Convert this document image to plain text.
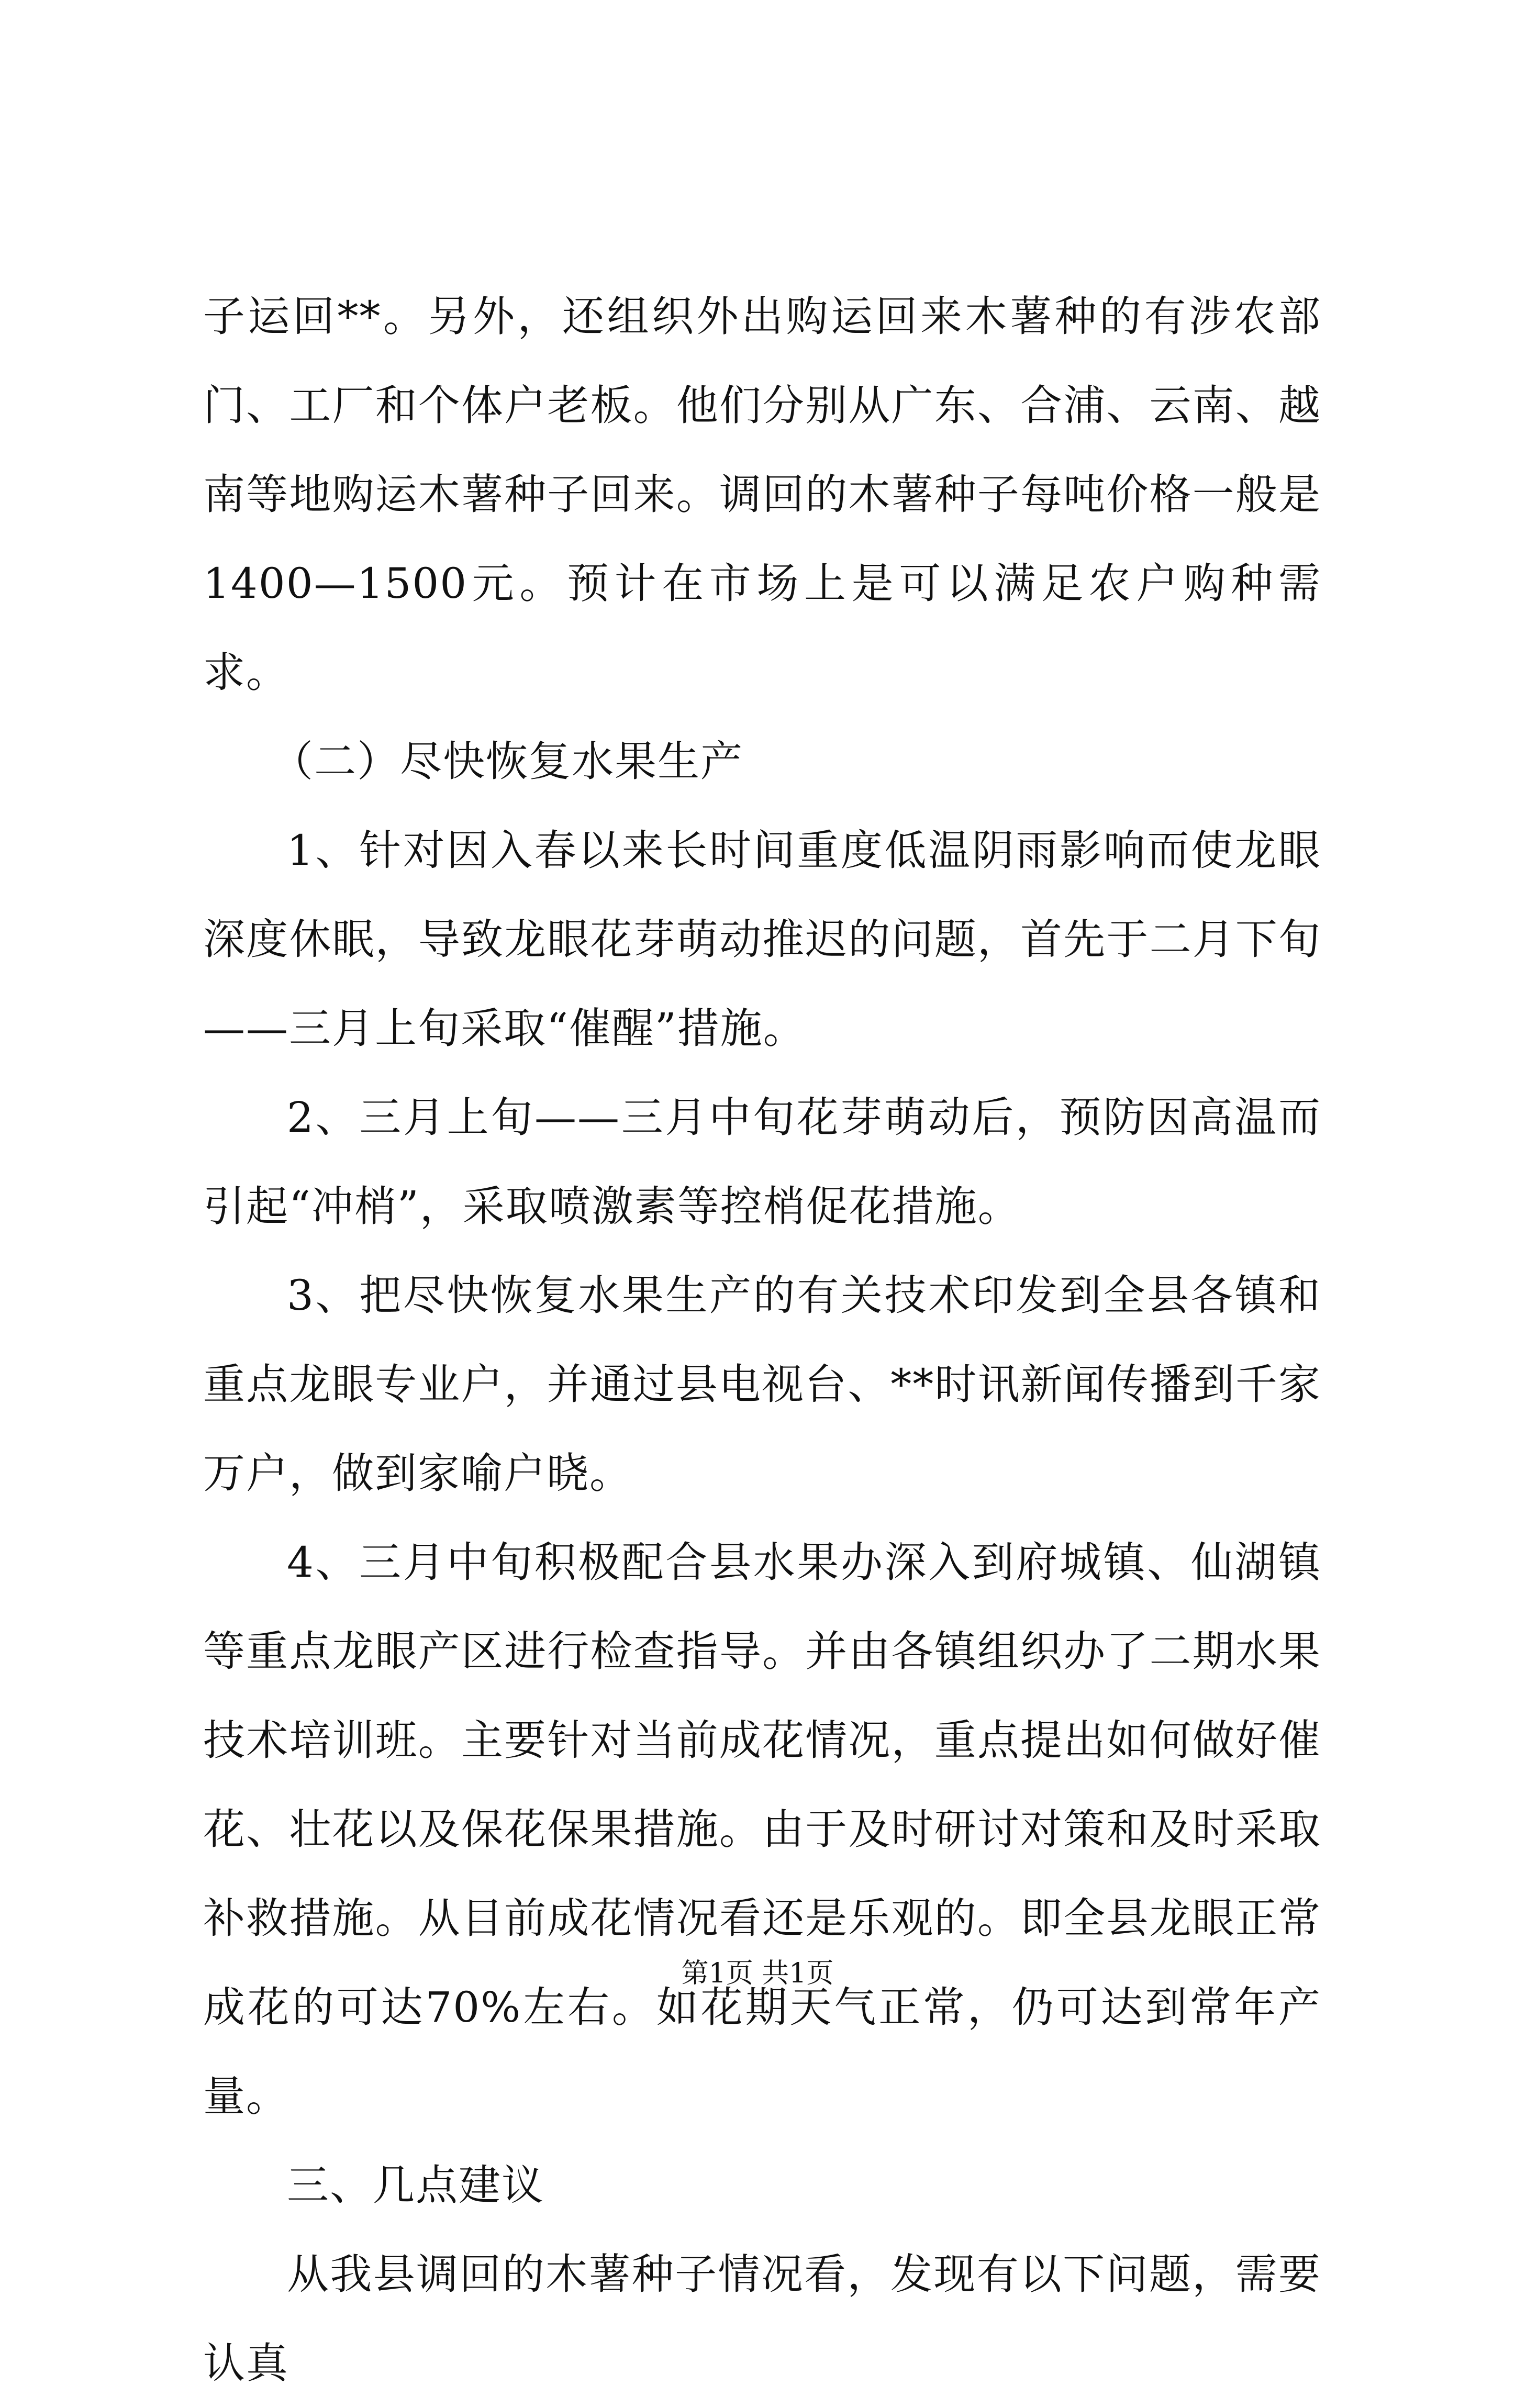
子运回**。另外，还组织外出购运回来木薯种的有涉农部门、工厂和个体户老板。他们分别从广东、合浦、云南、越南等地购运木薯种子回来。调回的木薯种子每吨价格一般是1400—1500元。预计在市场上是可以满足农户购种需求。

（二）尽快恢复水果生产

1、针对因入春以来长时间重度低温阴雨影响而使龙眼深度休眠，导致龙眼花芽萌动推迟的问题，首先于二月下旬——三月上旬采取“催醒”措施。

2、三月上旬——三月中旬花芽萌动后，预防因高温而引起“冲梢”，采取喷激素等控梢促花措施。

3、把尽快恢复水果生产的有关技术印发到全县各镇和重点龙眼专业户，并通过县电视台、**时讯新闻传播到千家万户，做到家喻户晓。

4、三月中旬积极配合县水果办深入到府城镇、仙湖镇等重点龙眼产区进行检查指导。并由各镇组织办了二期水果技术培训班。主要针对当前成花情况，重点提出如何做好催花、壮花以及保花保果措施。由于及时研讨对策和及时采取补救措施。从目前成花情况看还是乐观的。即全县龙眼正常成花的可达70%左右。如花期天气正常，仍可达到常年产量。

三、几点建议

从我县调回的木薯种子情况看，发现有以下问题，需要认真

第1页 共1页
